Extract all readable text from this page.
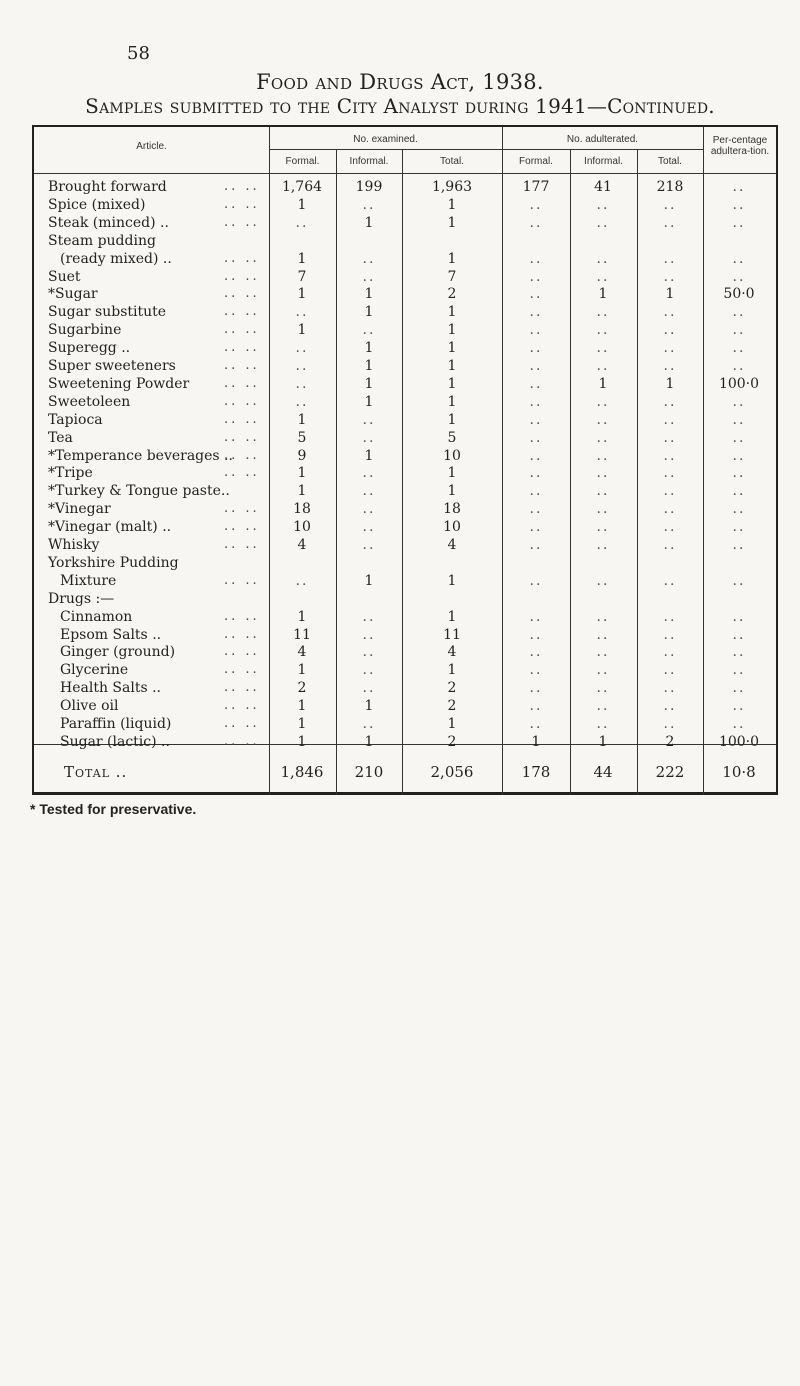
58
Food and Drugs Act, 1938.
Samples submitted to the City Analyst during 1941—Continued.
Article.
No. examined.	No. adulterated.	Per-centage adultera-tion.
Formal.	Informal.	Total.	Formal.	Informal.	Total.
Brought forward	.. ..	1,764	199	1,963	177	41	218	..
Spice (mixed)	.. ..	1	..	1	..	..	..	..
Steak (minced) ..	.. ..	..	1	1	..	..	..	..
Steam pudding
(ready mixed) ..	.. ..	1	..	1	..	..	..	..
Suet	.. ..	7	..	7	..	..	..	..
*Sugar	.. ..	1	1	2	..	1	1	50·0
Sugar substitute	.. ..	..	1	1	..	..	..	..
Sugarbine	.. ..	1	..	1	..	..	..	..
Superegg ..	.. ..	..	1	1	..	..	..	..
Super sweeteners	.. ..	..	1	1	..	..	..	..
Sweetening Powder	.. ..	..	1	1	..	1	1	100·0
Sweetoleen	.. ..	..	1	1	..	..	..	..
Tapioca	.. ..	1	..	1	..	..	..	..
Tea	.. ..	5	..	5	..	..	..	..
*Temperance beverages ..
.. ..	9	1	10	..	..	..	..
*Tripe	.. ..	1	..	1	..	..	..	..
*Turkey & Tongue paste..	1	..	1	..	..	..	..
*Vinegar	.. ..	18	..	18	..	..	..	..
*Vinegar (malt) ..	.. ..	10	..	10	..	..	..	..
Whisky	.. ..	4	..	4	..	..	..	..
Yorkshire Pudding
Mixture	.. ..	..	1	1	..	..	..	..
Drugs :—
Cinnamon	.. ..	1	..	1	..	..	..	..
Epsom Salts ..	.. ..	11	..	11	..	..	..	..
Ginger (ground)	.. ..	4	..	4	..	..	..	..
Glycerine	.. ..	1	..	1	..	..	..	..
Health Salts ..	.. ..	2	..	2	..	..	..	..
Olive oil	.. ..	1	1	2	..	..	..	..
Paraffin (liquid)	.. ..	1	..	1	..	..	..	..
Sugar (lactic) ..	.. ..	1	1	2	1	1	2	100·0
Total ..	1,846	210	2,056	178	44	222	10·8
* Tested for preservative.
